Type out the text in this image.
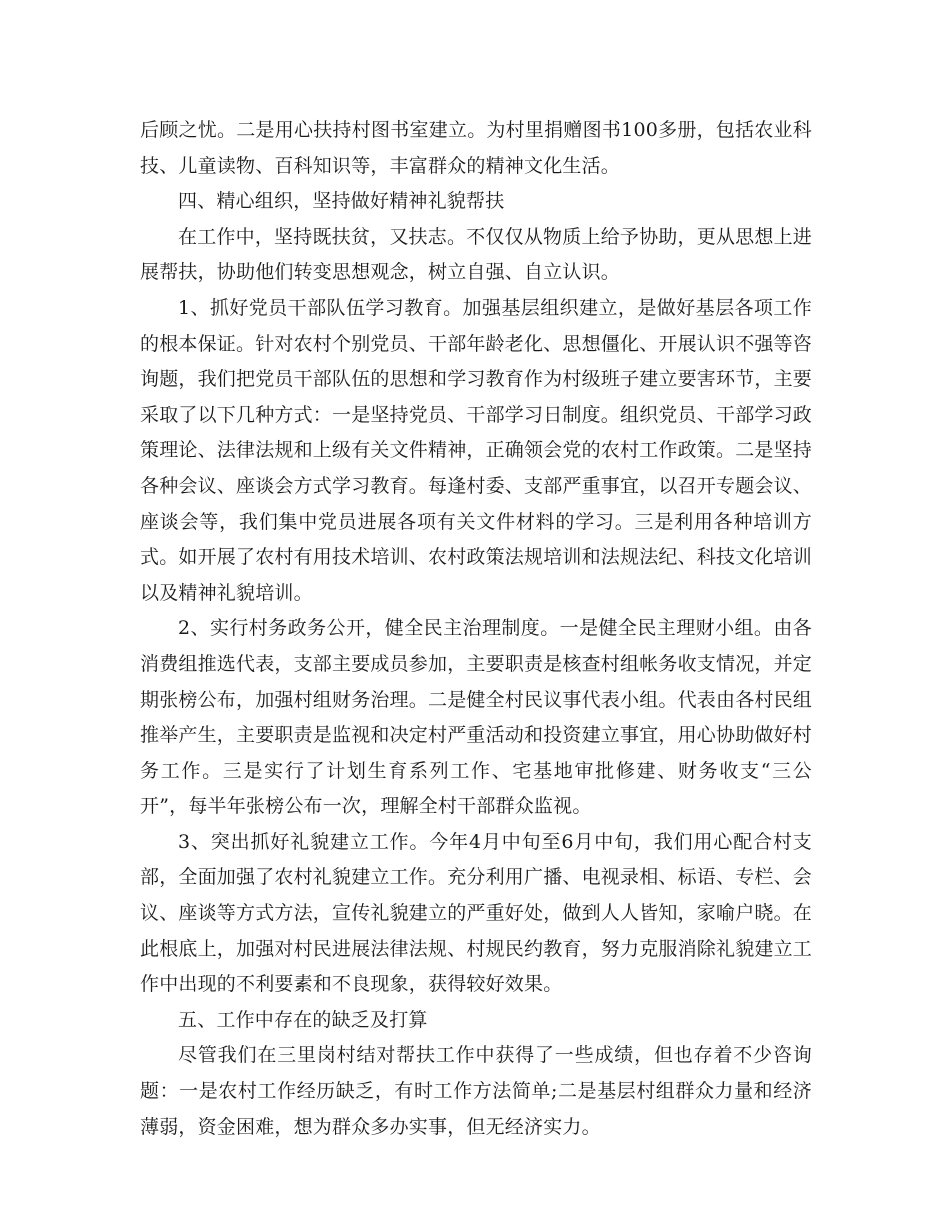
后顾之忧。二是用心扶持村图书室建立。为村里捐赠图书100多册，包括农业科技、儿童读物、百科知识等，丰富群众的精神文化生活。

四、精心组织，坚持做好精神礼貌帮扶

在工作中，坚持既扶贫，又扶志。不仅仅从物质上给予协助，更从思想上进展帮扶，协助他们转变思想观念，树立自强、自立认识。

1、抓好党员干部队伍学习教育。加强基层组织建立，是做好基层各项工作的根本保证。针对农村个别党员、干部年龄老化、思想僵化、开展认识不强等咨询题，我们把党员干部队伍的思想和学习教育作为村级班子建立要害环节，主要采取了以下几种方式：一是坚持党员、干部学习日制度。组织党员、干部学习政策理论、法律法规和上级有关文件精神，正确领会党的农村工作政策。二是坚持各种会议、座谈会方式学习教育。每逢村委、支部严重事宜，以召开专题会议、座谈会等，我们集中党员进展各项有关文件材料的学习。三是利用各种培训方式。如开展了农村有用技术培训、农村政策法规培训和法规法纪、科技文化培训以及精神礼貌培训。

2、实行村务政务公开，健全民主治理制度。一是健全民主理财小组。由各消费组推选代表，支部主要成员参加，主要职责是核查村组帐务收支情况，并定期张榜公布，加强村组财务治理。二是健全村民议事代表小组。代表由各村民组推举产生，主要职责是监视和决定村严重活动和投资建立事宜，用心协助做好村务工作。三是实行了计划生育系列工作、宅基地审批修建、财务收支“三公开”，每半年张榜公布一次，理解全村干部群众监视。

3、突出抓好礼貌建立工作。今年4月中旬至6月中旬，我们用心配合村支部，全面加强了农村礼貌建立工作。充分利用广播、电视录相、标语、专栏、会议、座谈等方式方法，宣传礼貌建立的严重好处，做到人人皆知，家喻户晓。在此根底上，加强对村民进展法律法规、村规民约教育，努力克服消除礼貌建立工作中出现的不利要素和不良现象，获得较好效果。

五、工作中存在的缺乏及打算

尽管我们在三里岗村结对帮扶工作中获得了一些成绩，但也存着不少咨询题：一是农村工作经历缺乏，有时工作方法简单;二是基层村组群众力量和经济薄弱，资金困难，想为群众多办实事，但无经济实力。
